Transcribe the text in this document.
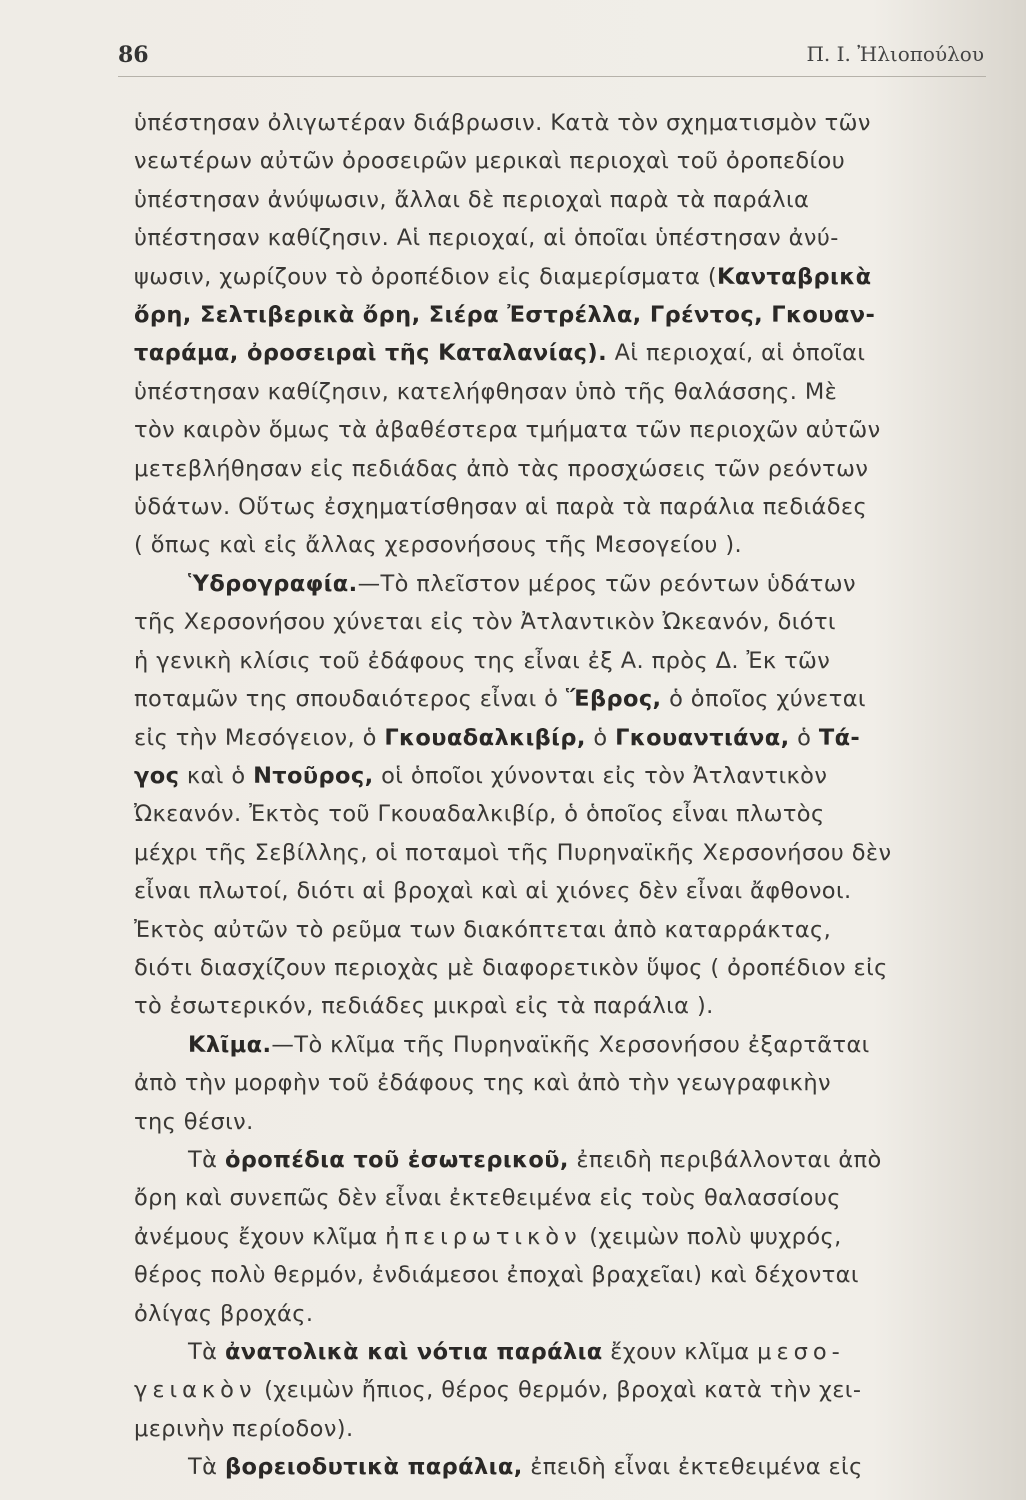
86	Π. Ι. Ἠλιοπούλου
ὑπέστησαν ὀλιγωτέραν διάβρωσιν. Κατὰ τὸν σχηματισμὸν τῶν
νεωτέρων αὐτῶν ὀροσειρῶν μερικαὶ περιοχαὶ τοῦ ὀροπεδίου
ὑπέστησαν ἀνύψωσιν, ἄλλαι δὲ περιοχαὶ παρὰ τὰ παράλια
ὑπέστησαν καθίζησιν. Αἱ περιοχαί, αἱ ὁποῖαι ὑπέστησαν ἀνύ-
ψωσιν, χωρίζουν τὸ ὀροπέδιον εἰς διαμερίσματα (Κανταβρικὰ
ὄρη, Σελτιβερικὰ ὄρη, Σιέρα Ἐστρέλλα, Γρέντος, Γκουαν-
ταράμα, ὀροσειραὶ τῆς Καταλανίας). Αἱ περιοχαί, αἱ ὁποῖαι
ὑπέστησαν καθίζησιν, κατελήφθησαν ὑπὸ τῆς θαλάσσης. Μὲ
τὸν καιρὸν ὅμως τὰ ἀβαθέστερα τμήματα τῶν περιοχῶν αὐτῶν
μετεβλήθησαν εἰς πεδιάδας ἀπὸ τὰς προσχώσεις τῶν ρεόντων
ὑδάτων. Οὕτως ἐσχηματίσθησαν αἱ παρὰ τὰ παράλια πεδιάδες
( ὅπως καὶ εἰς ἄλλας χερσονήσους τῆς Μεσογείου ).
Ὑδρογραφία.—Τὸ πλεῖστον μέρος τῶν ρεόντων ὑδάτων
τῆς Χερσονήσου χύνεται εἰς τὸν Ἀτλαντικὸν Ὠκεανόν, διότι
ἡ γενικὴ κλίσις τοῦ ἐδάφους της εἶναι ἐξ Α. πρὸς Δ. Ἐκ τῶν
ποταμῶν της σπουδαιότερος εἶναι ὁ Ἕβρος, ὁ ὁποῖος χύνεται
εἰς τὴν Μεσόγειον, ὁ Γκουαδαλκιβίρ, ὁ Γκουαντιάνα, ὁ Τά-
γος καὶ ὁ Ντοῦρος, οἱ ὁποῖοι χύνονται εἰς τὸν Ἀτλαντικὸν
Ὠκεανόν. Ἐκτὸς τοῦ Γκουαδαλκιβίρ, ὁ ὁποῖος εἶναι πλωτὸς
μέχρι τῆς Σεβίλλης, οἱ ποταμοὶ τῆς Πυρηναϊκῆς Χερσονήσου δὲν
εἶναι πλωτοί, διότι αἱ βροχαὶ καὶ αἱ χιόνες δὲν εἶναι ἄφθονοι.
Ἐκτὸς αὐτῶν τὸ ρεῦμα των διακόπτεται ἀπὸ καταρράκτας,
διότι διασχίζουν περιοχὰς μὲ διαφορετικὸν ὕψος ( ὀροπέδιον εἰς
τὸ ἐσωτερικόν, πεδιάδες μικραὶ εἰς τὰ παράλια ).
Κλῖμα.—Τὸ κλῖμα τῆς Πυρηναϊκῆς Χερσονήσου ἐξαρτᾶται
ἀπὸ τὴν μορφὴν τοῦ ἐδάφους της καὶ ἀπὸ τὴν γεωγραφικὴν
της θέσιν.
Τὰ ὀροπέδια τοῦ ἐσωτερικοῦ, ἐπειδὴ περιβάλλονται ἀπὸ
ὄρη καὶ συνεπῶς δὲν εἶναι ἐκτεθειμένα εἰς τοὺς θαλασσίους
ἀνέμους ἔχουν κλῖμα ἠπειρωτικὸν (χειμὼν πολὺ ψυχρός,
θέρος πολὺ θερμόν, ἐνδιάμεσοι ἐποχαὶ βραχεῖαι) καὶ δέχονται
ὀλίγας βροχάς.
Τὰ ἀνατολικὰ καὶ νότια παράλια ἔχουν κλῖμα μεσο-
γειακὸν (χειμὼν ἤπιος, θέρος θερμόν, βροχαὶ κατὰ τὴν χει-
μερινὴν περίοδον).
Τὰ βορειοδυτικὰ παράλια, ἐπειδὴ εἶναι ἐκτεθειμένα εἰς
